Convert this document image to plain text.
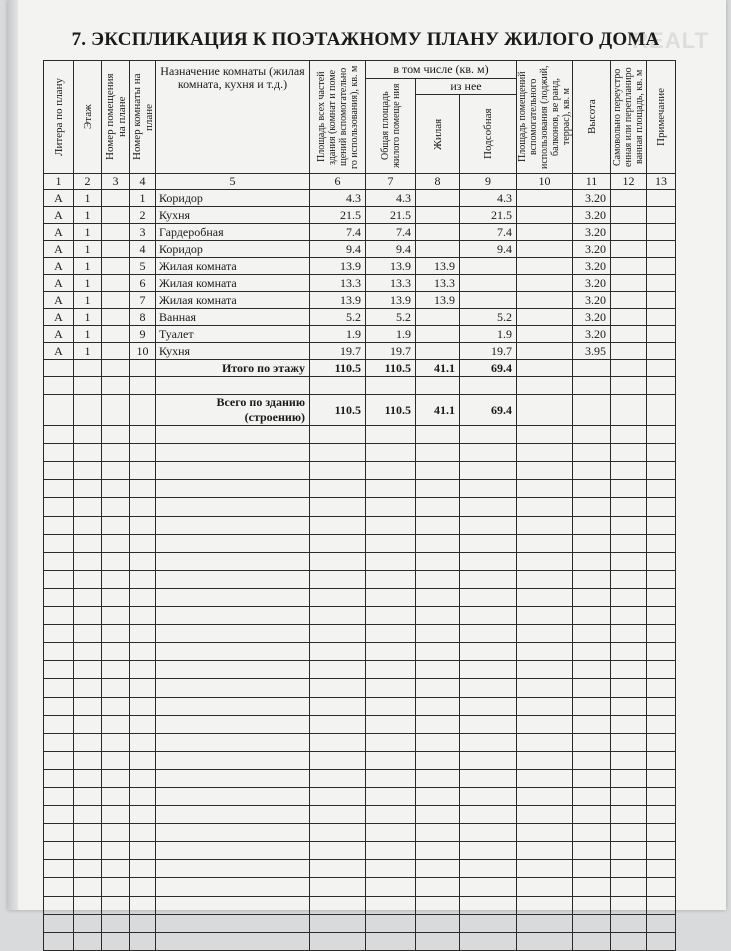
REALT
7. ЭКСПЛИКАЦИЯ К ПОЭТАЖНОМУ ПЛАНУ ЖИЛОГО ДОМА
Литера по плану	Этаж	Номер помещения на плане	Номер комнаты на плане	Назначение комнаты (жилая комната, кухня и т.д.)	Площадь всех частей здания (комнат и поме щений вспомогательно го использования), кв. м	в том числе (кв. м)			Площадь помещений вспомогательного использования (лоджий, балконов, ве ранд, террас), кв. м	Высота	Самовольно переустро енная или перепланиро ванная площадь, кв. м	Примечание

						Общая площадь жилого помеще ния	из нее					

							Жилая	Подсобная				

1	2	3	4	5	6	7	8	9	10	11	12	13
А	1		1	Коридор	4.3	4.3		4.3		3.20		
А	1		2	Кухня	21.5	21.5		21.5		3.20		
А	1		3	Гардеробная	7.4	7.4		7.4		3.20		
А	1		4	Коридор	9.4	9.4		9.4		3.20		
А	1		5	Жилая комната	13.9	13.9	13.9			3.20		
А	1		6	Жилая комната	13.3	13.3	13.3			3.20		
А	1		7	Жилая комната	13.9	13.9	13.9			3.20		
А	1		8	Ванная	5.2	5.2		5.2		3.20		
А	1		9	Туалет	1.9	1.9		1.9		3.20		
А	1		10	Кухня	19.7	19.7		19.7		3.95		
				Итого по этажу	110.5	110.5	41.1	69.4				

				Всего по зданию (строению)	110.5	110.5	41.1	69.4				
